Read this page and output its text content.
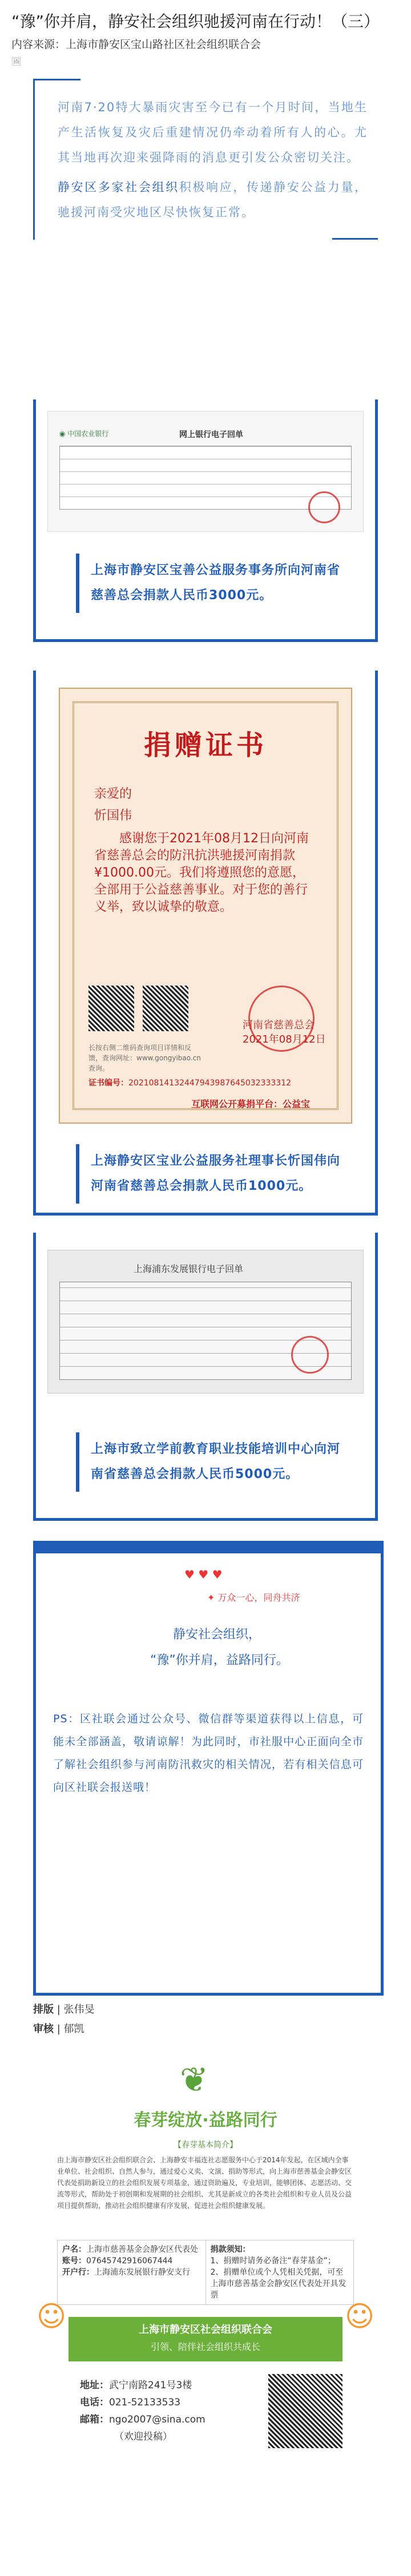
“豫”你并肩，静安社会组织驰援河南在行动！（三）
内容来源：上海市静安区宝山路社区社会组织联合会
🖼

河南7·20特大暴雨灾害至今已有一个月时间，当地生产生活恢复及灾后重建情况仍牵动着所有人的心。尤其当地再次迎来强降雨的消息更引发公众密切关注。

静安区多家社会组织积极响应，传递静安公益力量，驰援河南受灾地区尽快恢复正常。

◉ 中国农业银行	网上银行电子回单
上海市静安区宝善公益服务事务所向河南省慈善总会捐款人民币3000元。
捐赠证书
亲爱的
忻国伟
感谢您于2021年08月12日向河南省慈善总会的防汛抗洪驰援河南捐款¥1000.00元。我们将遵照您的意愿，全部用于公益慈善事业。对于您的善行义举，致以诚挚的敬意。
河南省慈善总会
2021年08月12日
长按右侧二维码查询项目详情和反馈，查询网址：www.gongyibao.cn查询。
证书编号：20210814132447943987645032333312
互联网公开募捐平台：公益宝
上海静安区宝业公益服务社理事长忻国伟向河南省慈善总会捐款人民币1000元。
上海浦东发展银行电子回单
上海市致立学前教育职业技能培训中心向河南省慈善总会捐款人民币5000元。
♥ ♥ ♥
✦ 万众一心，同舟共济
静安社会组织，
“豫”你并肩，益路同行。
PS：区社联会通过公众号、微信群等渠道获得以上信息，可能未全部涵盖，敬请谅解！为此同时，市社服中心正面向全市了解社会组织参与河南防汛救灾的相关情况，若有相关信息可向区社联会报送哦！
排版 | 张伟旻
审核 | 郁凯
❦
春芽绽放·益路同行
【春芽基本简介】
由上海市静安区社会组织联合会、上海静安丰福连社志愿服务中心于2014年发起，在区域内全事业单位、社会组织、自然人参与，通过爱心义卖、文演、捐助等形式，向上海市慈善基金会静安区代表处捐助新设立的社会组织发展专项基金，通过资助遍及，专业培训，能够团体、志愿活动、交流等形式，帮助处于初创期和发展期的社会组织、尤其是新成立的各类社会组织和专业人员及公益项目提供帮助，推动社会组织健康有序发展，促进社会组织健康发展。
户名：上海市慈善基金会静安区代表处
账号：07645742916067444
开户行：上海浦东发展银行静安支行

捐款须知：
1、捐赠时请务必备注“春芽基金”；
2、捐赠单位或个人凭相关凭据，可至上海市慈善基金会静安区代表处开具发票
☺	☺
上海市静安区社会组织联合会
引领、陪伴社会组织共成长
地址：武宁南路241号3楼
电话：021-52133533
邮箱：ngo2007@sina.com
（欢迎投稿）
